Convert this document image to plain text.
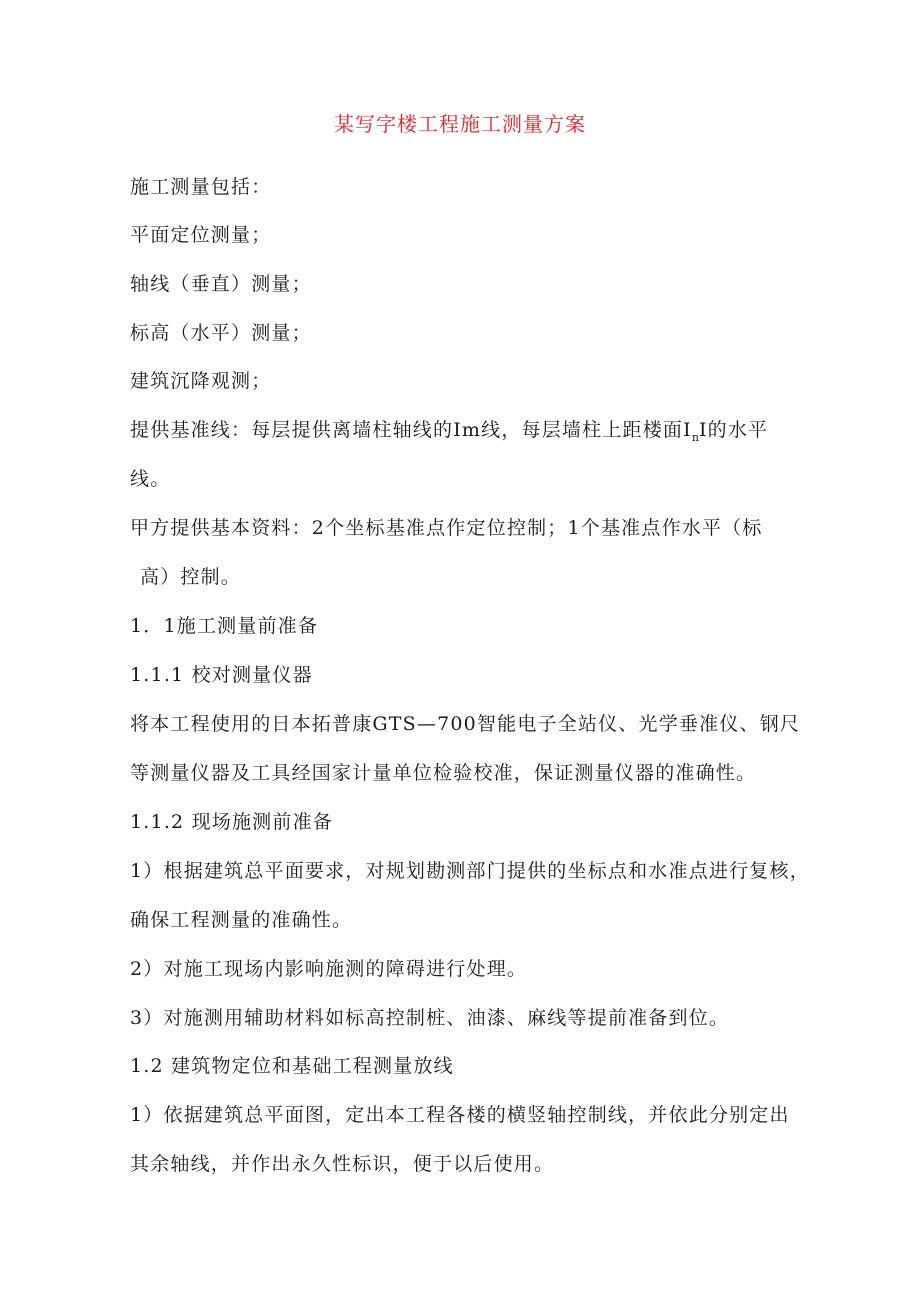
某写字楼工程施工测量方案
施工测量包括：
平面定位测量；
轴线（垂直）测量；
标高（水平）测量；
建筑沉降观测；
提供基准线：每层提供离墙柱轴线的Im线，每层墙柱上距楼面$I_nI$的水平
线。
甲方提供基本资料：2个坐标基准点作定位控制；1个基准点作水平（标
高）控制。
1．1施工测量前准备
1.1.1 校对测量仪器
将本工程使用的日本拓普康GTS—700智能电子全站仪、光学垂准仪、钢尺
等测量仪器及工具经国家计量单位检验校准，保证测量仪器的准确性。
1.1.2 现场施测前准备
1）根据建筑总平面要求，对规划勘测部门提供的坐标点和水准点进行复核，
确保工程测量的准确性。
2）对施工现场内影响施测的障碍进行处理。
3）对施测用辅助材料如标高控制桩、油漆、麻线等提前准备到位。
1.2 建筑物定位和基础工程测量放线
1）依据建筑总平面图，定出本工程各楼的横竖轴控制线，并依此分别定出
其余轴线，并作出永久性标识，便于以后使用。
